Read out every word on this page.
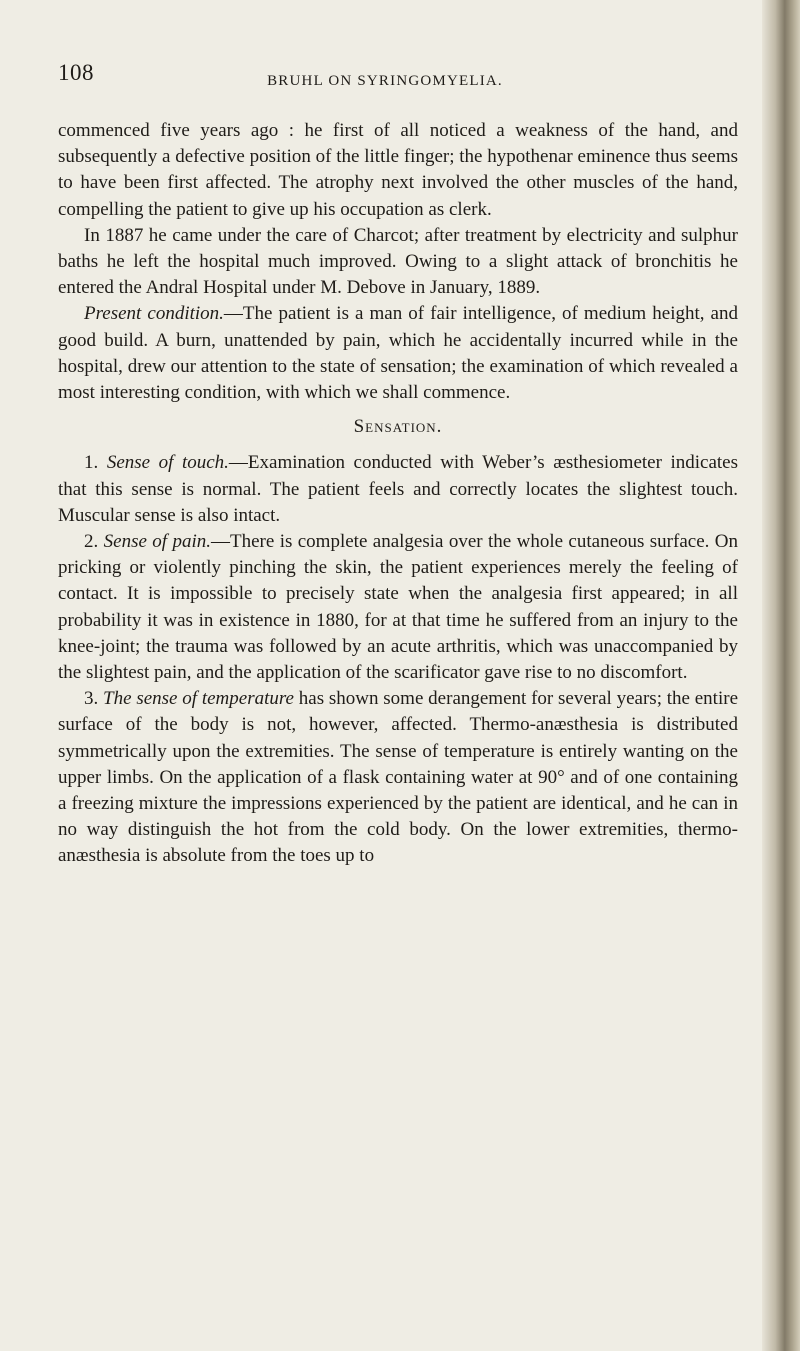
108	BRUHL ON SYRINGOMYELIA.

commenced five years ago : he first of all noticed a weakness of the hand, and subsequently a defective position of the little finger; the hypothenar eminence thus seems to have been first affected. The atrophy next involved the other muscles of the hand, compelling the patient to give up his occupation as clerk.

In 1887 he came under the care of Charcot; after treatment by electricity and sulphur baths he left the hospital much improved. Owing to a slight attack of bronchitis he entered the Andral Hospital under M. Debove in January, 1889.

Present condition.—The patient is a man of fair intelligence, of medium height, and good build. A burn, unattended by pain, which he accidentally incurred while in the hospital, drew our attention to the state of sensation; the examination of which revealed a most interesting condition, with which we shall commence.

Sensation.

1. Sense of touch.—Examination conducted with Weber’s æsthesiometer indicates that this sense is normal. The patient feels and correctly locates the slightest touch. Muscular sense is also intact.

2. Sense of pain.—There is complete analgesia over the whole cutaneous surface. On pricking or violently pinching the skin, the patient experiences merely the feeling of contact. It is impossible to precisely state when the analgesia first appeared; in all probability it was in existence in 1880, for at that time he suffered from an injury to the knee-joint; the trauma was followed by an acute arthritis, which was unaccompanied by the slightest pain, and the application of the scarificator gave rise to no discomfort.

3. The sense of temperature has shown some derangement for several years; the entire surface of the body is not, however, affected. Thermo-anæsthesia is distributed symmetrically upon the extremities. The sense of temperature is entirely wanting on the upper limbs. On the application of a flask containing water at 90° and of one containing a freezing mixture the impressions experienced by the patient are identical, and he can in no way distinguish the hot from the cold body. On the lower extremities, thermo-anæsthesia is absolute from the toes up to
